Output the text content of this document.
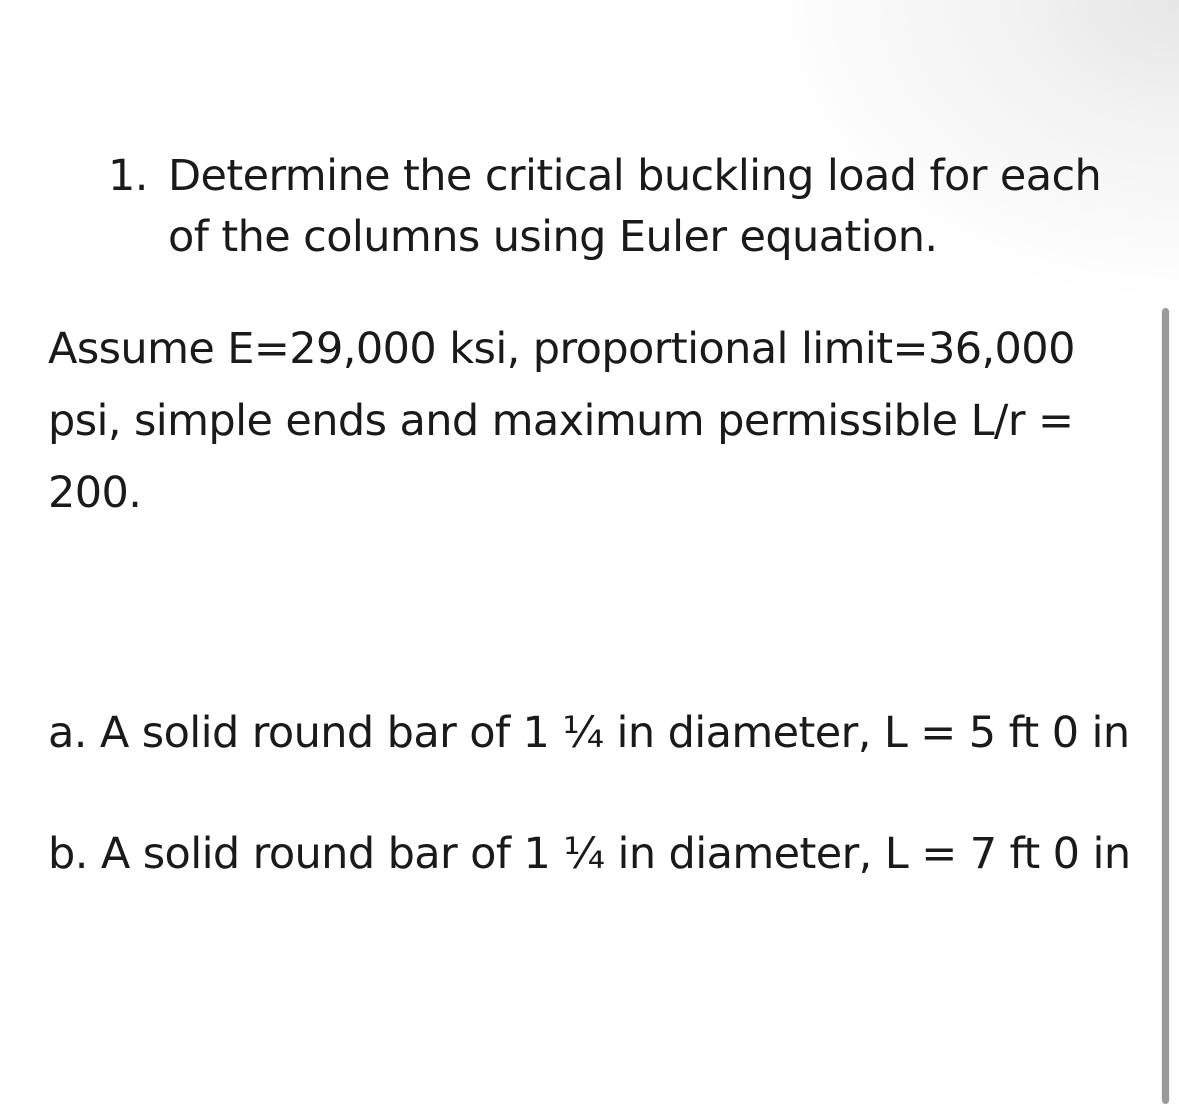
1. Determine the critical buckling load for each of the columns using Euler equation.
Assume E=29,000 ksi, proportional limit=36,000 psi, simple ends and maximum permissible L/r = 200.
a. A solid round bar of 1 ¼ in diameter, L = 5 ft 0 in
b. A solid round bar of 1 ¼ in diameter, L = 7 ft 0 in
